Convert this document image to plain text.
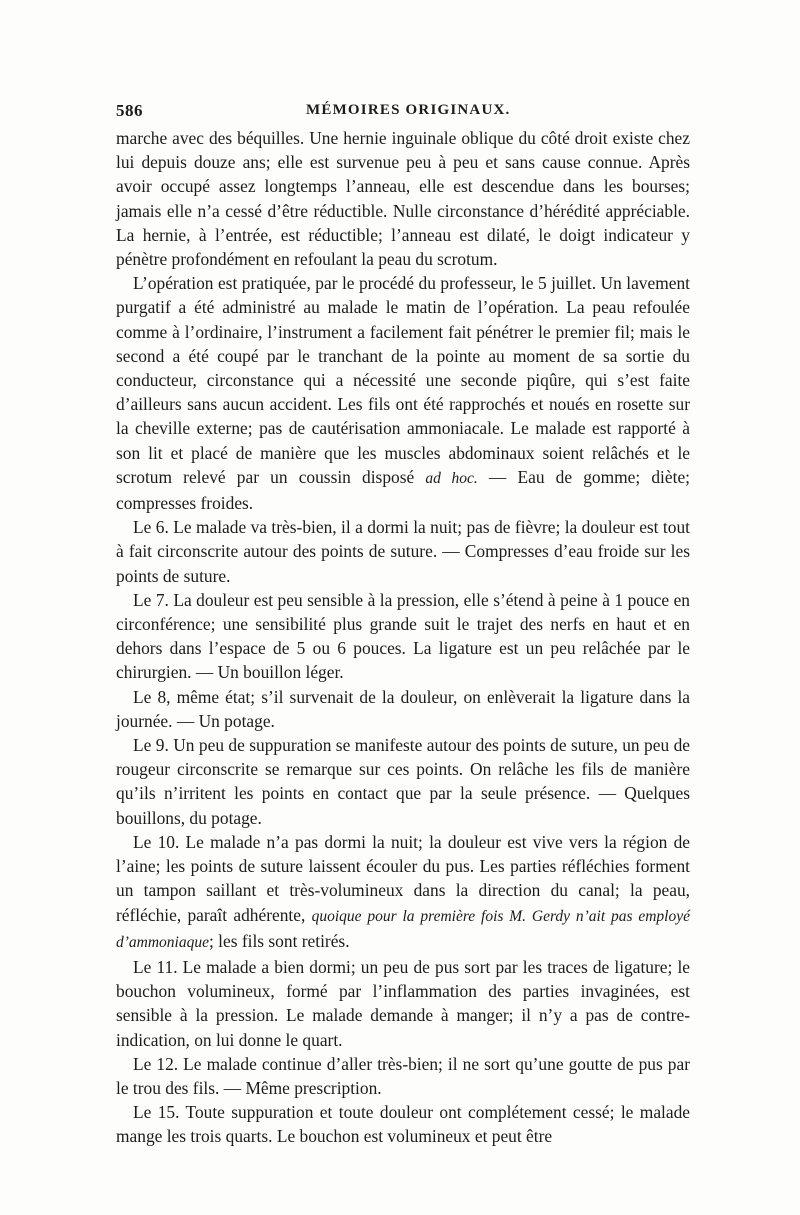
586	MÉMOIRES ORIGINAUX.

marche avec des béquilles. Une hernie inguinale oblique du côté droit existe chez lui depuis douze ans; elle est survenue peu à peu et sans cause connue. Après avoir occupé assez longtemps l’anneau, elle est descendue dans les bourses; jamais elle n’a cessé d’être réductible. Nulle circonstance d’hérédité appréciable. La hernie, à l’entrée, est réductible; l’anneau est dilaté, le doigt indicateur y pénètre profondément en refoulant la peau du scrotum.

L’opération est pratiquée, par le procédé du professeur, le 5 juillet. Un lavement purgatif a été administré au malade le matin de l’opération. La peau refoulée comme à l’ordinaire, l’instrument a facilement fait pénétrer le premier fil; mais le second a été coupé par le tranchant de la pointe au moment de sa sortie du conducteur, circonstance qui a nécessité une seconde piqûre, qui s’est faite d’ailleurs sans aucun accident. Les fils ont été rapprochés et noués en rosette sur la cheville externe; pas de cautérisation ammoniacale. Le malade est rapporté à son lit et placé de manière que les muscles abdominaux soient relâchés et le scrotum relevé par un coussin disposé ad hoc. — Eau de gomme; diète; compresses froides.

Le 6. Le malade va très-bien, il a dormi la nuit; pas de fièvre; la douleur est tout à fait circonscrite autour des points de suture. — Compresses d’eau froide sur les points de suture.

Le 7. La douleur est peu sensible à la pression, elle s’étend à peine à 1 pouce en circonférence; une sensibilité plus grande suit le trajet des nerfs en haut et en dehors dans l’espace de 5 ou 6 pouces. La ligature est un peu relâchée par le chirurgien. — Un bouillon léger.

Le 8, même état; s’il survenait de la douleur, on enlèverait la ligature dans la journée. — Un potage.

Le 9. Un peu de suppuration se manifeste autour des points de suture, un peu de rougeur circonscrite se remarque sur ces points. On relâche les fils de manière qu’ils n’irritent les points en contact que par la seule présence. — Quelques bouillons, du potage.

Le 10. Le malade n’a pas dormi la nuit; la douleur est vive vers la région de l’aine; les points de suture laissent écouler du pus. Les parties réfléchies forment un tampon saillant et très-volumineux dans la direction du canal; la peau, réfléchie, paraît adhérente, quoique pour la première fois M. Gerdy n’ait pas employé d’ammoniaque; les fils sont retirés.

Le 11. Le malade a bien dormi; un peu de pus sort par les traces de ligature; le bouchon volumineux, formé par l’inflammation des parties invaginées, est sensible à la pression. Le malade demande à manger; il n’y a pas de contre-indication, on lui donne le quart.

Le 12. Le malade continue d’aller très-bien; il ne sort qu’une goutte de pus par le trou des fils. — Même prescription.

Le 15. Toute suppuration et toute douleur ont complétement cessé; le malade mange les trois quarts. Le bouchon est volumineux et peut être
